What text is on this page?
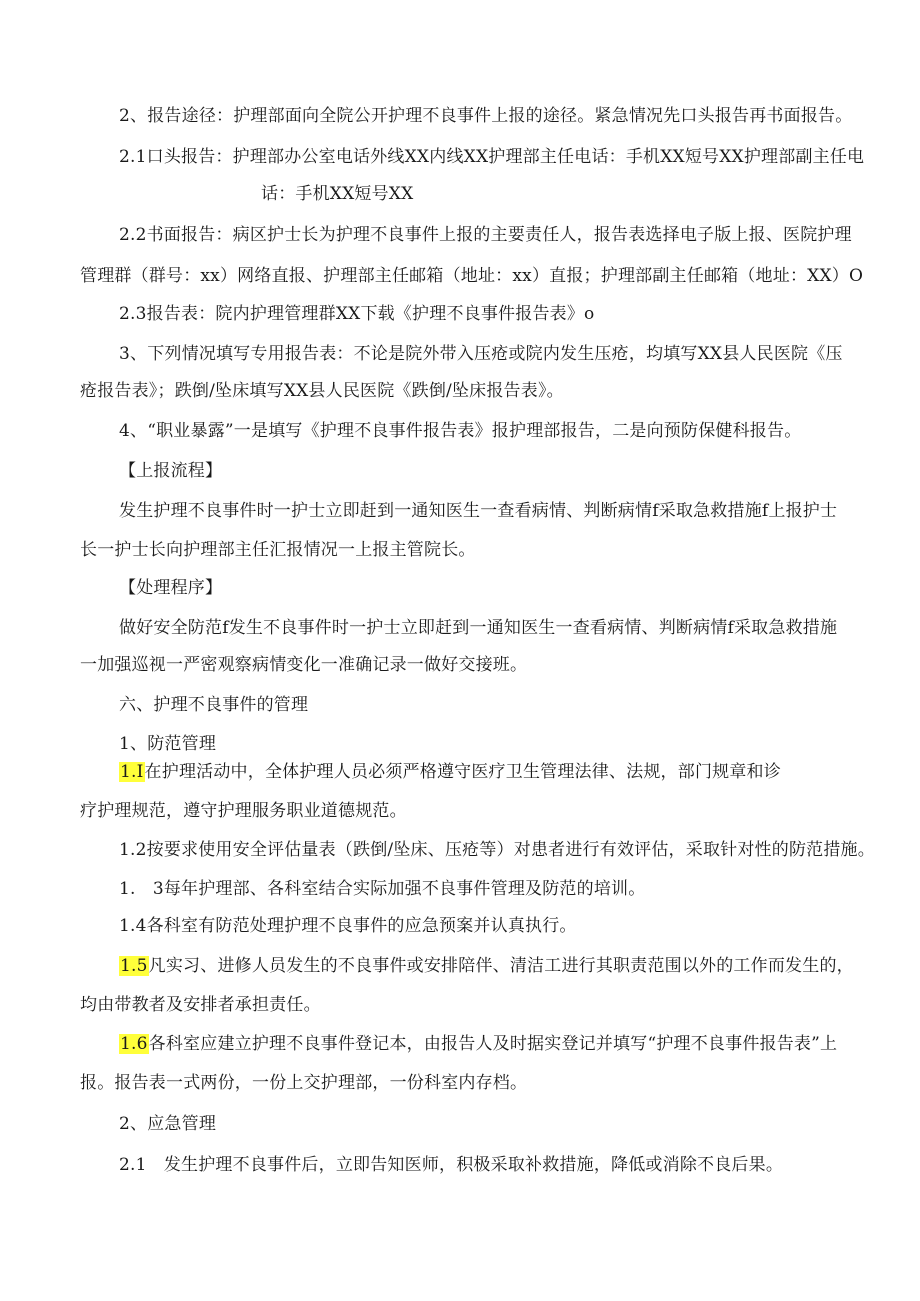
2、报告途径：护理部面向全院公开护理不良事件上报的途径。紧急情况先口头报告再书面报告。
2.1口头报告：护理部办公室电话外线XX内线XX护理部主任电话：手机XX短号XX护理部副主任电
话：手机XX短号XX
2.2书面报告：病区护士长为护理不良事件上报的主要责任人，报告表选择电子版上报、医院护理
管理群（群号：xx）网络直报、护理部主任邮箱（地址：xx）直报；护理部副主任邮箱（地址：XX）O
2.3报告表：院内护理管理群XX下载《护理不良事件报告表》o
3、下列情况填写专用报告表：不论是院外带入压疮或院内发生压疮，均填写XX县人民医院《压
疮报告表》；跌倒/坠床填写XX县人民医院《跌倒/坠床报告表》。
4、“职业暴露”一是填写《护理不良事件报告表》报护理部报告，二是向预防保健科报告。
【上报流程】
发生护理不良事件时一护士立即赶到一通知医生一查看病情、判断病情f采取急救措施f上报护士
长一护士长向护理部主任汇报情况一上报主管院长。
【处理程序】
做好安全防范f发生不良事件时一护士立即赶到一通知医生一查看病情、判断病情f采取急救措施
一加强巡视一严密观察病情变化一准确记录一做好交接班。
六、护理不良事件的管理
1、防范管理
1.I在护理活动中，全体护理人员必须严格遵守医疗卫生管理法律、法规，部门规章和诊
疗护理规范，遵守护理服务职业道德规范。
1.2按要求使用安全评估量表（跌倒/坠床、压疮等）对患者进行有效评估，采取针对性的防范措施。
1.　3每年护理部、各科室结合实际加强不良事件管理及防范的培训。
1.4各科室有防范处理护理不良事件的应急预案并认真执行。
1.5凡实习、进修人员发生的不良事件或安排陪伴、清洁工进行其职责范围以外的工作而发生的，
均由带教者及安排者承担责任。
1.6各科室应建立护理不良事件登记本，由报告人及时据实登记并填写“护理不良事件报告表”上
报。报告表一式两份，一份上交护理部，一份科室内存档。
2、应急管理
2.1　发生护理不良事件后，立即告知医师，积极采取补救措施，降低或消除不良后果。
